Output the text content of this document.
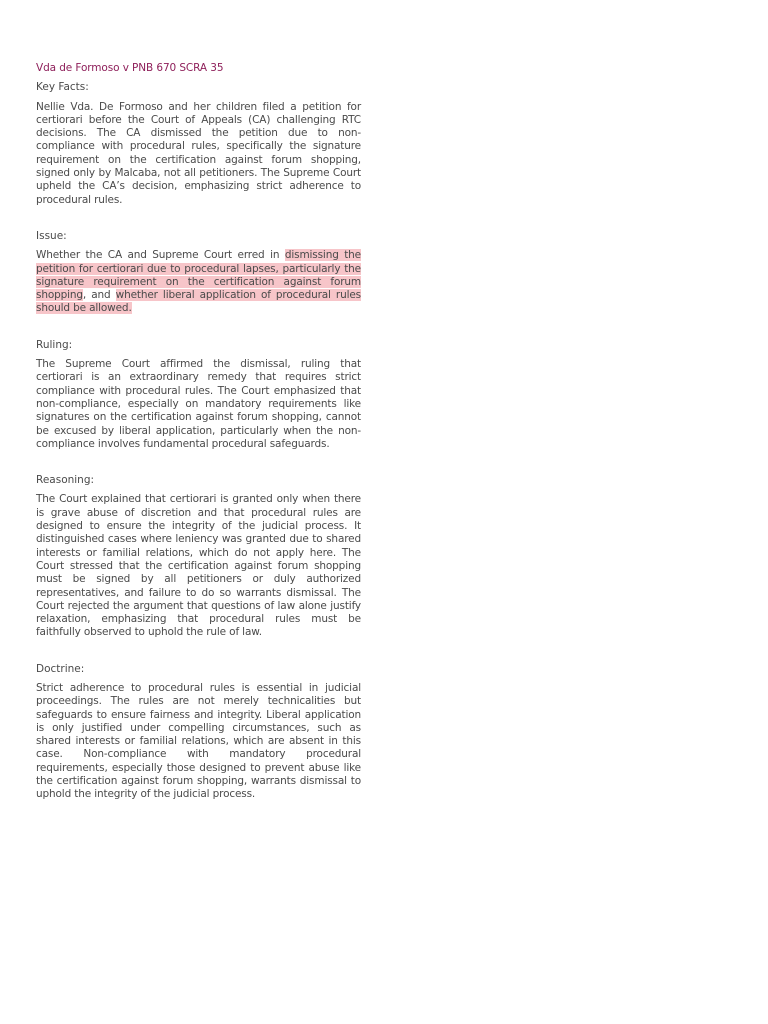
Vda de Formoso v PNB 670 SCRA 35

Key Facts:

Nellie Vda. De Formoso and her children filed a petition for certiorari before the Court of Appeals (CA) challenging RTC decisions. The CA dismissed the petition due to non-compliance with procedural rules, specifically the signature requirement on the certification against forum shopping, signed only by Malcaba, not all petitioners. The Supreme Court upheld the CA’s decision, emphasizing strict adherence to procedural rules.

Issue:

Whether the CA and Supreme Court erred in dismissing the petition for certiorari due to procedural lapses, particularly the signature requirement on the certification against forum shopping, and whether liberal application of procedural rules should be allowed.

Ruling:

The Supreme Court affirmed the dismissal, ruling that certiorari is an extraordinary remedy that requires strict compliance with procedural rules. The Court emphasized that non-compliance, especially on mandatory requirements like signatures on the certification against forum shopping, cannot be excused by liberal application, particularly when the non-compliance involves fundamental procedural safeguards.

Reasoning:

The Court explained that certiorari is granted only when there is grave abuse of discretion and that procedural rules are designed to ensure the integrity of the judicial process. It distinguished cases where leniency was granted due to shared interests or familial relations, which do not apply here. The Court stressed that the certification against forum shopping must be signed by all petitioners or duly authorized representatives, and failure to do so warrants dismissal. The Court rejected the argument that questions of law alone justify relaxation, emphasizing that procedural rules must be faithfully observed to uphold the rule of law.

Doctrine:

Strict adherence to procedural rules is essential in judicial proceedings. The rules are not merely technicalities but safeguards to ensure fairness and integrity. Liberal application is only justified under compelling circumstances, such as shared interests or familial relations, which are absent in this case. Non-compliance with mandatory procedural requirements, especially those designed to prevent abuse like the certification against forum shopping, warrants dismissal to uphold the integrity of the judicial process.
